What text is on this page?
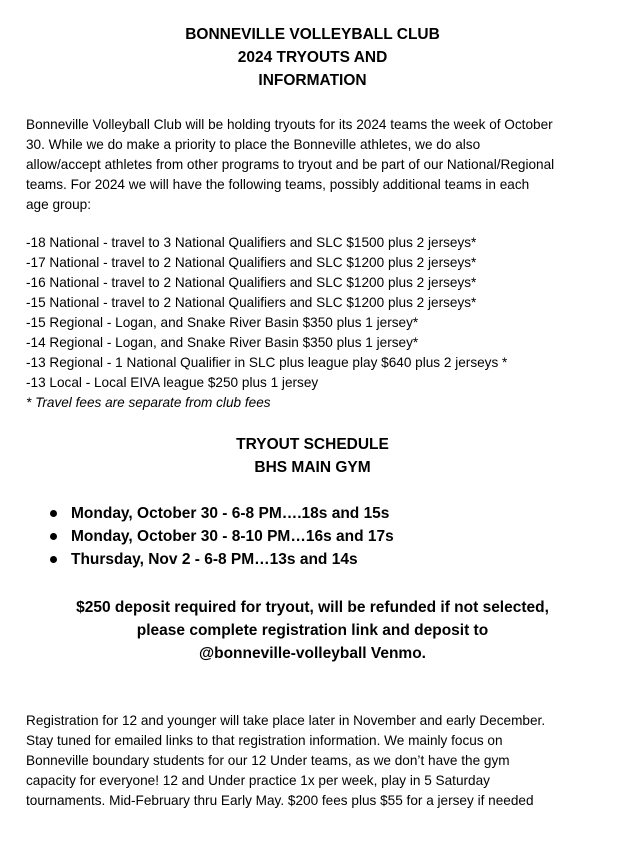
BONNEVILLE VOLLEYBALL CLUB
2024 TRYOUTS AND
INFORMATION
Bonneville Volleyball Club will be holding tryouts for its 2024 teams the week of October
30. While we do make a priority to place the Bonneville athletes, we do also
allow/accept athletes from other programs to tryout and be part of our National/Regional
teams. For 2024 we will have the following teams, possibly additional teams in each
age group:
-18 National - travel to 3 National Qualifiers and SLC $1500 plus 2 jerseys*
-17 National - travel to 2 National Qualifiers and SLC $1200 plus 2 jerseys*
-16 National - travel to 2 National Qualifiers and SLC $1200 plus 2 jerseys*
-15 National - travel to 2 National Qualifiers and SLC $1200 plus 2 jerseys*
-15 Regional - Logan, and Snake River Basin $350 plus 1 jersey*
-14 Regional - Logan, and Snake River Basin $350 plus 1 jersey*
-13 Regional - 1 National Qualifier in SLC plus league play $640 plus 2 jerseys *
-13 Local - Local EIVA league $250 plus 1 jersey
* Travel fees are separate from club fees
TRYOUT SCHEDULE
BHS MAIN GYM
Monday, October 30 - 6-8 PM….18s and 15s
Monday, October 30 - 8-10 PM…16s and 17s
Thursday, Nov 2 - 6-8 PM…13s and 14s
$250 deposit required for tryout, will be refunded if not selected,
please complete registration link and deposit to
@bonneville-volleyball Venmo.
Registration for 12 and younger will take place later in November and early December.
Stay tuned for emailed links to that registration information. We mainly focus on
Bonneville boundary students for our 12 Under teams, as we don’t have the gym
capacity for everyone! 12 and Under practice 1x per week, play in 5 Saturday
tournaments. Mid-February thru Early May. $200 fees plus $55 for a jersey if needed
